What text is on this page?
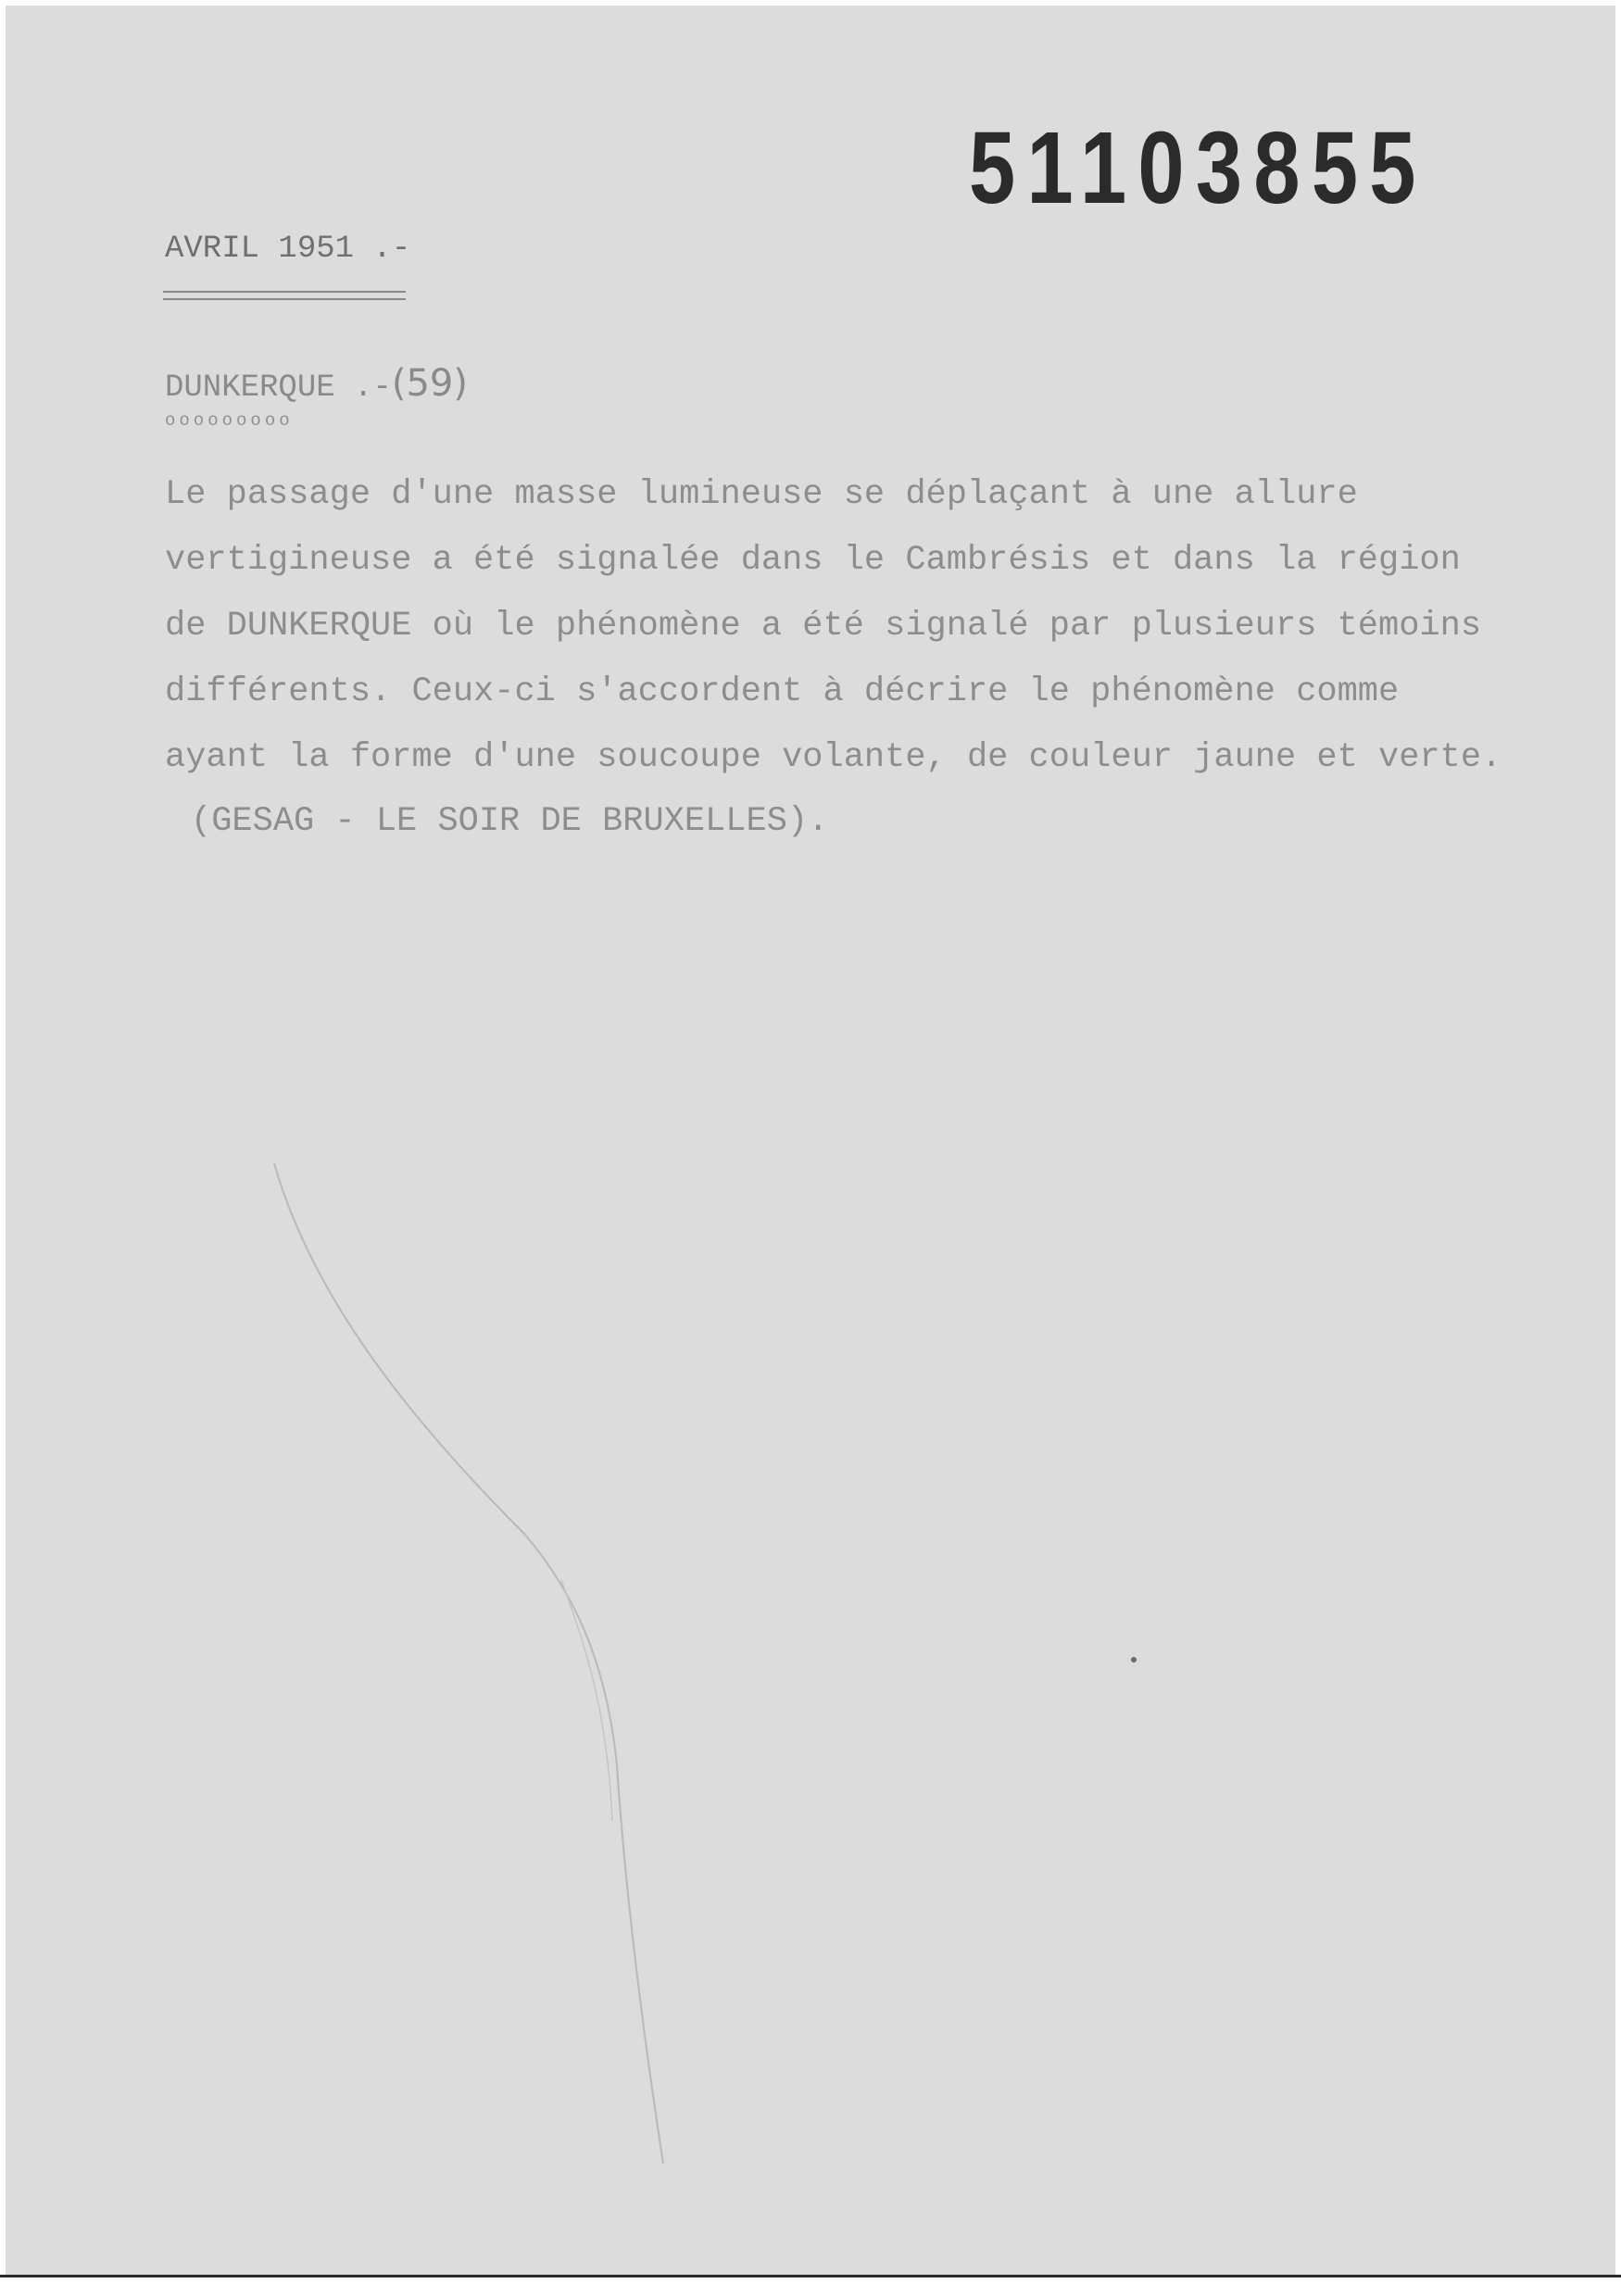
51103855
AVRIL 1951 .-
DUNKERQUE .-(59)
ooooooooo
Le passage d'une masse lumineuse se déplaçant à une allure
vertigineuse a été signalée dans le Cambrésis et dans la région
de DUNKERQUE où le phénomène a été signalé par plusieurs témoins
différents. Ceux-ci s'accordent à décrire le phénomène comme
ayant la forme d'une soucoupe volante, de couleur jaune et verte.
(GESAG - LE SOIR DE BRUXELLES).
